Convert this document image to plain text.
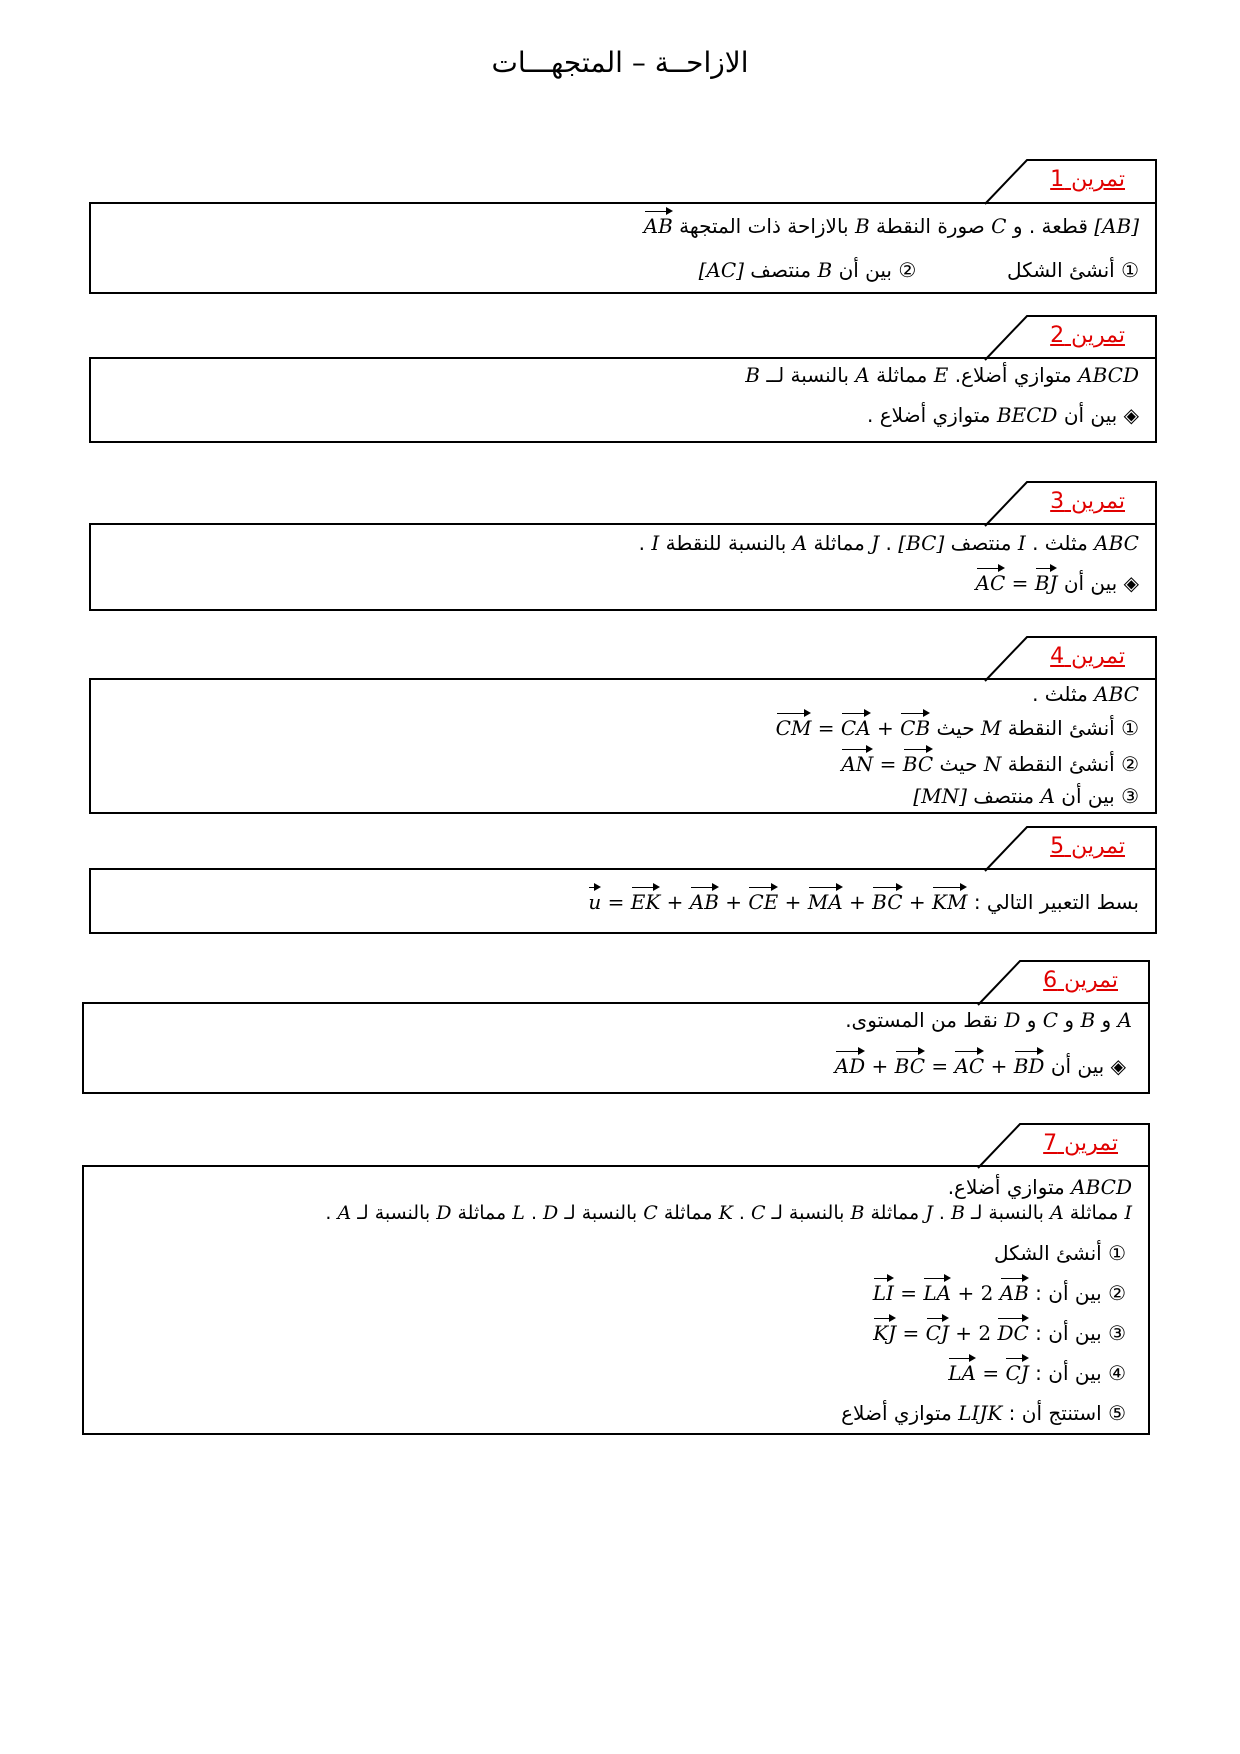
الازاحــة – المتجهـــات
تمرين 1
[AB] قطعة . و C صورة النقطة B بالازاحة ذات المتجهة AB
① أنشئ الشكل  ② بين أن B منتصف [AC]
تمرين 2
ABCD متوازي أضلاع. E مماثلة A بالنسبة لــ B
◈ بين أن BECD متوازي أضلاع .
تمرين 3
ABC مثلث . I منتصف [BC] . J مماثلة A بالنسبة للنقطة I .
◈ بين أن AC = BJ
تمرين 4
ABC مثلث .
① أنشئ النقطة M حيث CM = CA + CB
② أنشئ النقطة N حيث AN = BC
③ بين أن A منتصف [MN]
تمرين 5
بسط التعبير التالي : u = EK + AB + CE + MA + BC + KM
تمرين 6
A و B و C و D نقط من المستوى.
◈ بين أن AD + BC = AC + BD
تمرين 7
ABCD متوازي أضلاع.
I مماثلة A بالنسبة لـ B . J مماثلة B بالنسبة لـ C . K مماثلة C بالنسبة لـ D . L مماثلة D بالنسبة لـ A .
① أنشئ الشكل
② بين أن : LI = LA + 2 AB
③ بين أن : KJ = CJ + 2 DC
④ بين أن : LA = CJ
⑤ استنتج أن : LIJK متوازي أضلاع
